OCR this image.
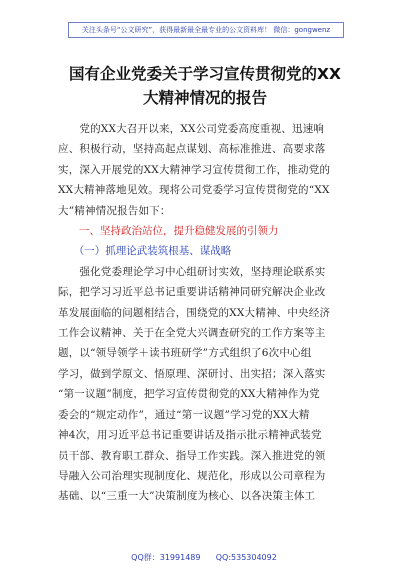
关注头条号“公文研究”，获得最新最全最专业的公文资料库！ 微信：gongwenz
国有企业党委关于学习宣传贯彻党的XX
大精神情况的报告
　　党的XX大召开以来，XX公司党委高度重视、迅速响
应、积极行动，坚持高起点谋划、高标准推进、高要求落
实，深入开展党的XX大精神学习宣传贯彻工作，推动党的
XX大精神落地见效。现将公司党委学习宣传贯彻党的“XX
大”精神情况报告如下：
　　一、坚持政治站位，提升稳健发展的引领力
　　（一）抓理论武装筑根基、谋战略
　　强化党委理论学习中心组研讨实效，坚持理论联系实
际，把学习习近平总书记重要讲话精神同研究解决企业改
革发展面临的问题相结合，围绕党的XX大精神、中央经济
工作会议精神、关于在全党大兴调查研究的工作方案等主
题，以“领导领学＋读书班研学”方式组织了6次中心组
学习，做到学原文、悟原理、深研讨、出实招；深入落实
“第一议题”制度，把学习宣传贯彻党的XX大精神作为党
委会的“规定动作”，通过“第一议题”学习党的XX大精
神4次，用习近平总书记重要讲话及指示批示精神武装党
员干部、教育职工群众、指导工作实践。深入推进党的领
导融入公司治理实现制度化、规范化，形成以公司章程为
基础、以“三重一大”决策制度为核心、以各决策主体工
QQ群：31991489      QQ:535304092
